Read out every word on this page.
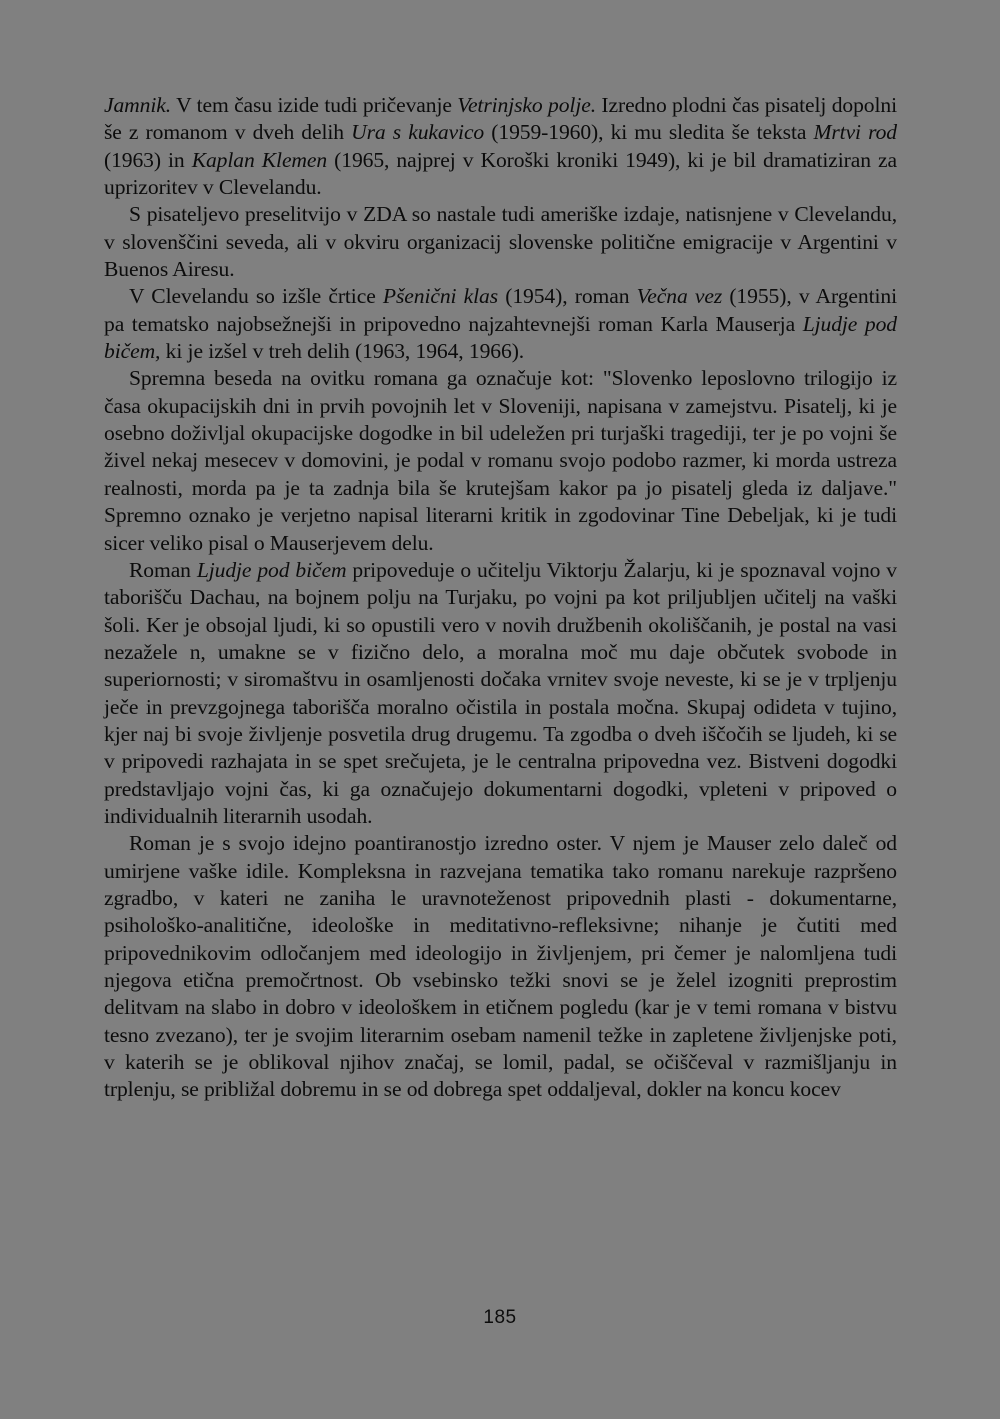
Jamnik. V tem času izide tudi pričevanje Vetrinjsko polje. Izredno plodni čas pisatelj dopolni še z romanom v dveh delih Ura s kukavico (1959-1960), ki mu sledita še teksta Mrtvi rod (1963) in Kaplan Klemen (1965, najprej v Koroški kroniki 1949), ki je bil dramatiziran za uprizoritev v Clevelandu.

S pisateljevo preselitvijo v ZDA so nastale tudi ameriške izdaje, natisnjene v Clevelandu, v slovenščini seveda, ali v okviru organizacij slovenske politične emigracije v Argentini v Buenos Airesu.

V Clevelandu so izšle črtice Pšenični klas (1954), roman Večna vez (1955), v Argentini pa tematsko najobsežnejši in pripovedno najzahtevnejši roman Karla Mauserja Ljudje pod bičem, ki je izšel v treh delih (1963, 1964, 1966).

Spremna beseda na ovitku romana ga označuje kot: "Slovenko leposlovno trilogijo iz časa okupacijskih dni in prvih povojnih let v Sloveniji, napisana v zamejstvu. Pisatelj, ki je osebno doživljal okupacijske dogodke in bil udeležen pri turjaški tragediji, ter je po vojni še živel nekaj mesecev v domovini, je podal v romanu svojo podobo razmer, ki morda ustreza realnosti, morda pa je ta zadnja bila še krutejšam kakor pa jo pisatelj gleda iz daljave." Spremno oznako je verjetno napisal literarni kritik in zgodovinar Tine Debeljak, ki je tudi sicer veliko pisal o Mauserjevem delu.

Roman Ljudje pod bičem pripoveduje o učitelju Viktorju Žalarju, ki je spoznaval vojno v taborišču Dachau, na bojnem polju na Turjaku, po vojni pa kot priljubljen učitelj na vaški šoli. Ker je obsojal ljudi, ki so opustili vero v novih družbenih okoliščanih, je postal na vasi nezažele n, umakne se v fizično delo, a moralna moč mu daje občutek svobode in superiornosti; v siromaštvu in osamljenosti dočaka vrnitev svoje neveste, ki se je v trpljenju ječe in prevzgojnega taborišča moralno očistila in postala močna. Skupaj odideta v tujino, kjer naj bi svoje življenje posvetila drug drugemu. Ta zgodba o dveh iščočih se ljudeh, ki se v pripovedi razhajata in se spet srečujeta, je le centralna pripovedna vez. Bistveni dogodki predstavljajo vojni čas, ki ga označujejo dokumentarni dogodki, vpleteni v pripoved o individualnih literarnih usodah.

Roman je s svojo idejno poantiranostjo izredno oster. V njem je Mauser zelo daleč od umirjene vaške idile. Kompleksna in razvejana tematika tako romanu narekuje razpršeno zgradbo, v kateri ne zaniha le uravnoteženost pripovednih plasti - dokumentarne, psihološko-analitične, ideološke in meditativno-refleksivne; nihanje je čutiti med pripovednikovim odločanjem med ideologijo in življenjem, pri čemer je nalomljena tudi njegova etična premočrtnost. Ob vsebinsko težki snovi se je želel izogniti preprostim delitvam na slabo in dobro v ideološkem in etičnem pogledu (kar je v temi romana v bistvu tesno zvezano), ter je svojim literarnim osebam namenil težke in zapletene življenjske poti, v katerih se je oblikoval njihov značaj, se lomil, padal, se očiščeval v razmišljanju in trplenju, se približal dobremu in se od dobrega spet oddaljeval, dokler na koncu kocev

185
